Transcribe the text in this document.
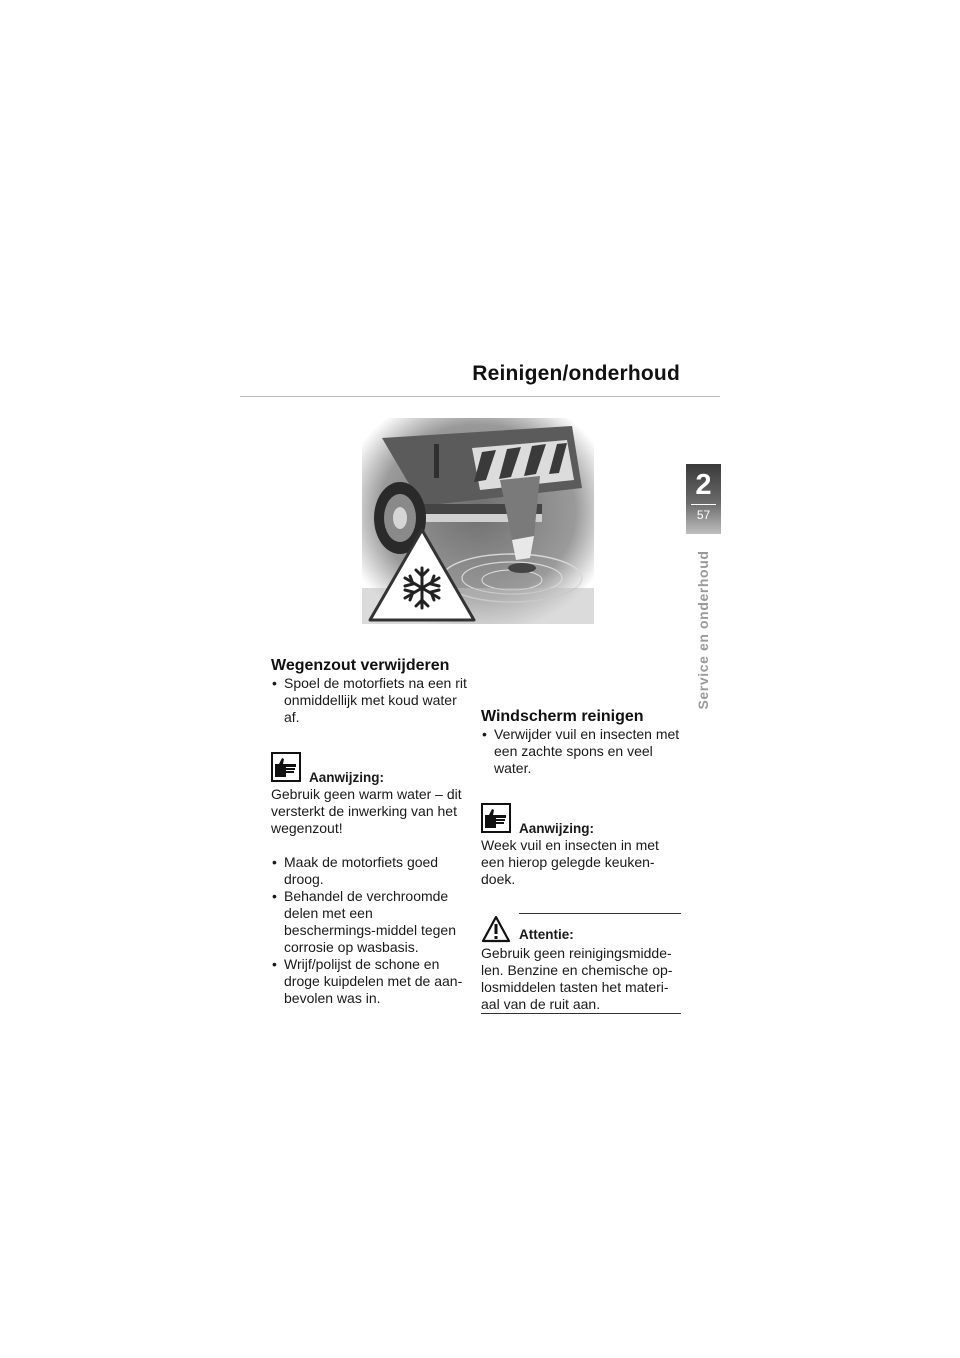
Reinigen/onderhoud
2
57
Service en onderhoud
Wegenzout verwijderen
• Spoel de motorfiets na een rit onmiddellijk met koud water af.
Aanwijzing:

Gebruik geen warm water – dit versterkt de inwerking van het wegenzout!

• Maak de motorfiets goed droog.
• Behandel de verchroomde delen met een beschermings-middel tegen corrosie op wasbasis.
• Wrijf/polijst de schone en droge kuipdelen met de aan-bevolen was in.
Windscherm reinigen
• Verwijder vuil en insecten met een zachte spons en veel water.
Aanwijzing:

Week vuil en insecten in met een hierop gelegde keuken-doek.

Attentie:

Gebruik geen reinigingsmidde-len. Benzine en chemische op-losmiddelen tasten het materi-aal van de ruit aan.
